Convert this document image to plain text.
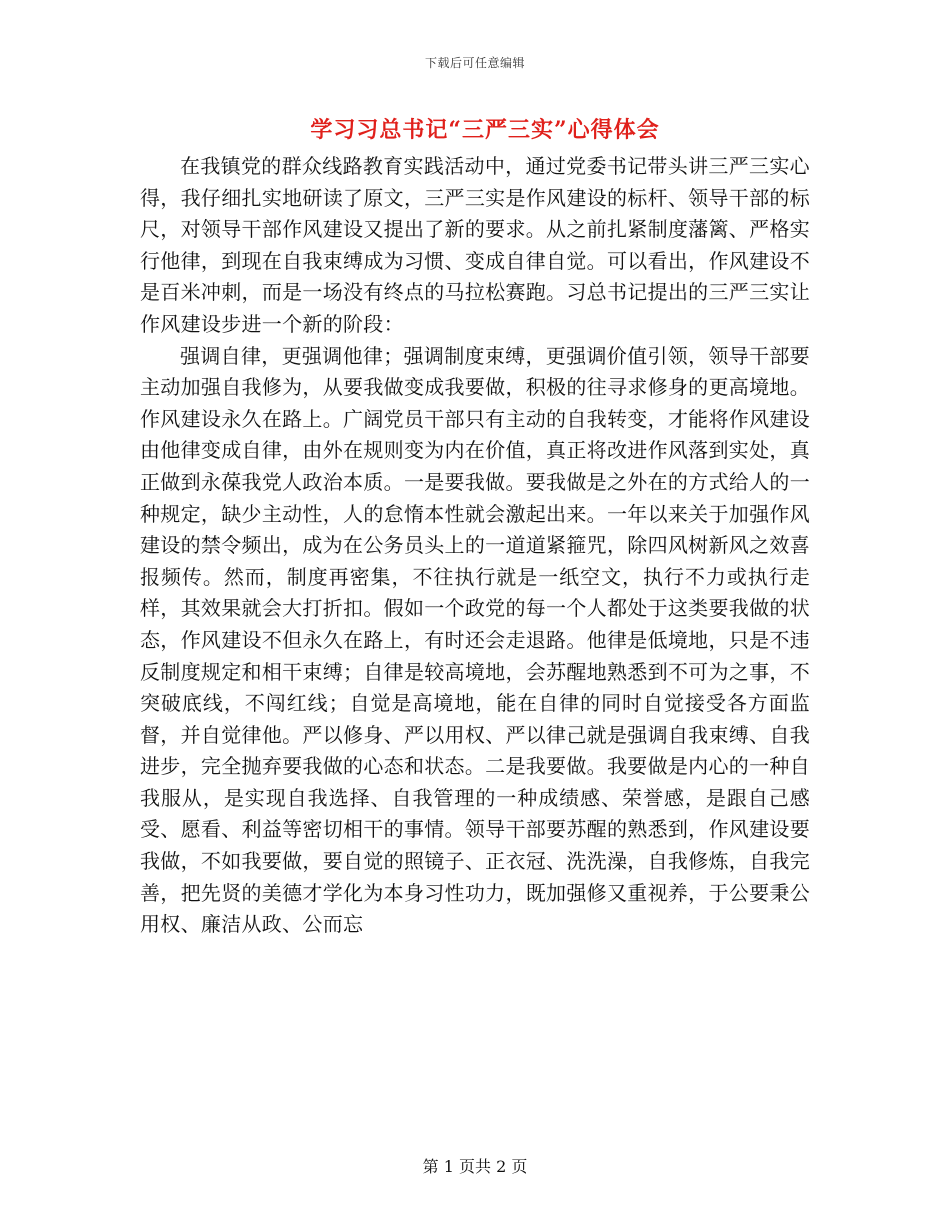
下载后可任意编辑
学习习总书记“三严三实”心得体会

在我镇党的群众线路教育实践活动中，通过党委书记带头讲三严三实心得，我仔细扎实地研读了原文，三严三实是作风建设的标杆、领导干部的标尺，对领导干部作风建设又提出了新的要求。从之前扎紧制度藩篱、严格实行他律，到现在自我束缚成为习惯、变成自律自觉。可以看出，作风建设不是百米冲刺，而是一场没有终点的马拉松赛跑。习总书记提出的三严三实让作风建设步进一个新的阶段：

强调自律，更强调他律；强调制度束缚，更强调价值引领，领导干部要主动加强自我修为，从要我做变成我要做，积极的往寻求修身的更高境地。作风建设永久在路上。广阔党员干部只有主动的自我转变，才能将作风建设由他律变成自律，由外在规则变为内在价值，真正将改进作风落到实处，真正做到永葆我党人政治本质。一是要我做。要我做是之外在的方式给人的一种规定，缺少主动性，人的怠惰本性就会激起出来。一年以来关于加强作风建设的禁令频出，成为在公务员头上的一道道紧箍咒，除四风树新风之效喜报频传。然而，制度再密集，不往执行就是一纸空文，执行不力或执行走样，其效果就会大打折扣。假如一个政党的每一个人都处于这类要我做的状态，作风建设不但永久在路上，有时还会走退路。他律是低境地，只是不违反制度规定和相干束缚；自律是较高境地，会苏醒地熟悉到不可为之事，不突破底线，不闯红线；自觉是高境地，能在自律的同时自觉接受各方面监督，并自觉律他。严以修身、严以用权、严以律己就是强调自我束缚、自我进步，完全抛弃要我做的心态和状态。二是我要做。我要做是内心的一种自我服从，是实现自我选择、自我管理的一种成绩感、荣誉感，是跟自己感受、愿看、利益等密切相干的事情。领导干部要苏醒的熟悉到，作风建设要我做，不如我要做，要自觉的照镜子、正衣冠、洗洗澡，自我修炼，自我完善，把先贤的美德才学化为本身习性功力，既加强修又重视养，于公要秉公用权、廉洁从政、公而忘

第 1 页共 2 页
